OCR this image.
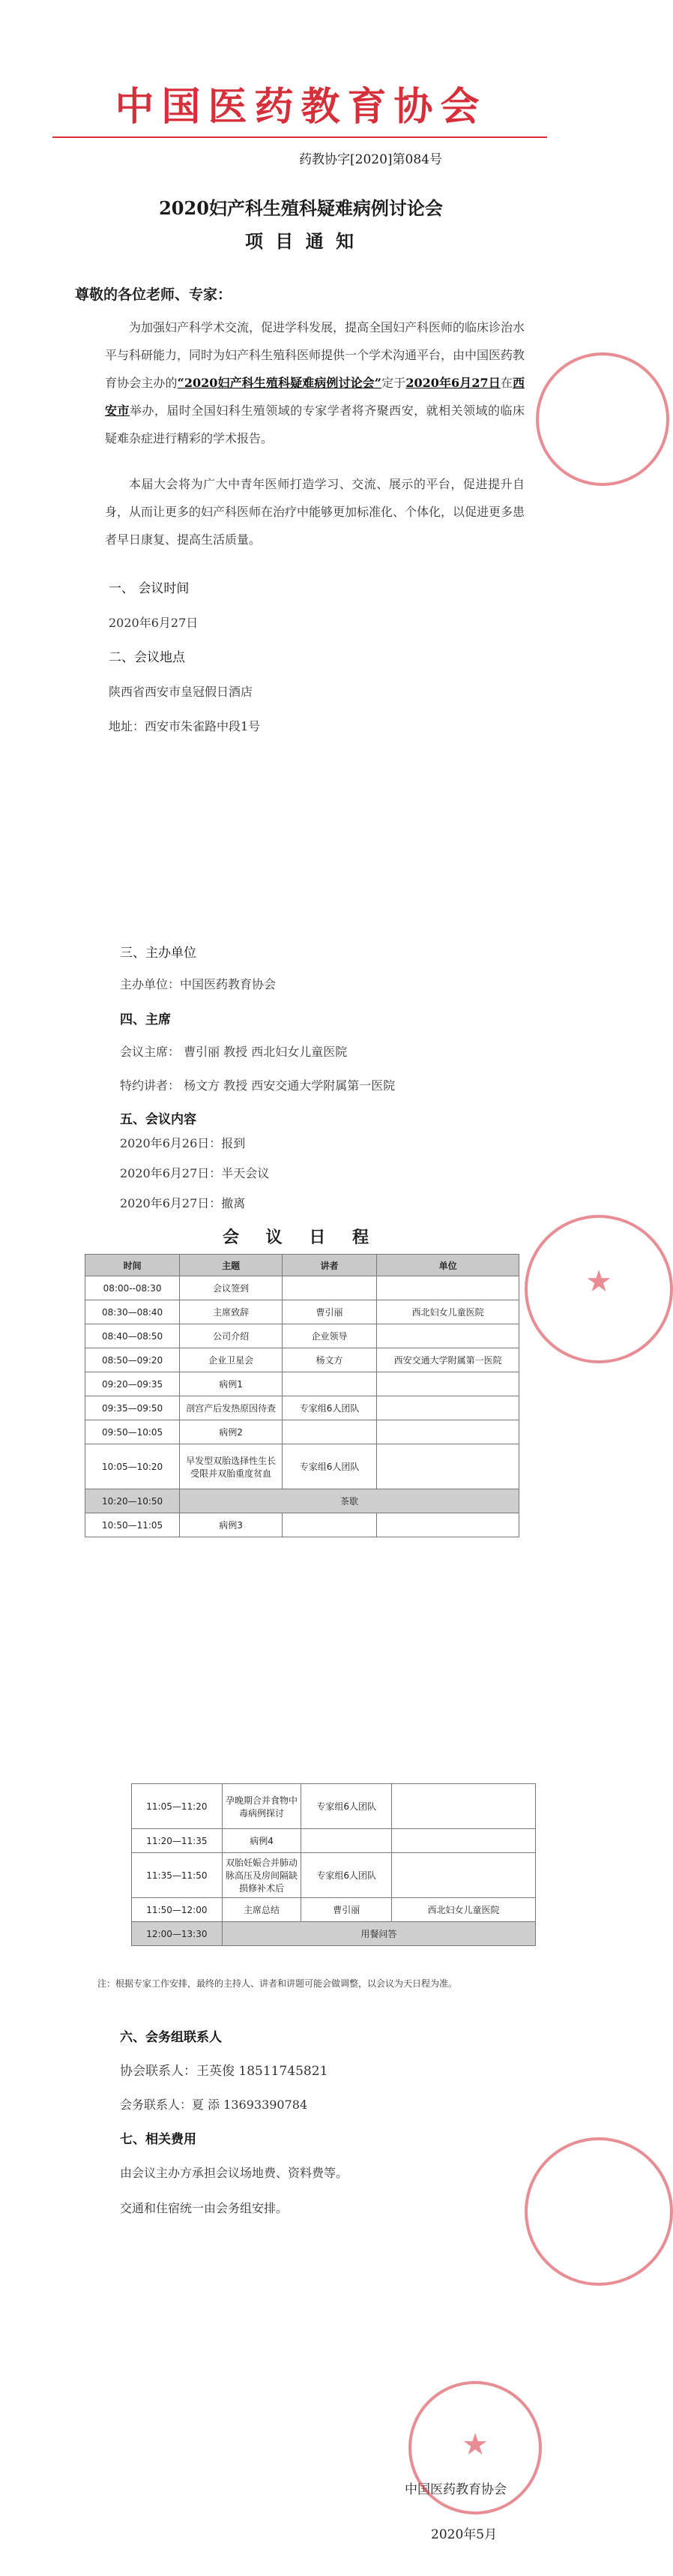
中国医药教育协会
药教协字[2020]第084号
2020妇产科生殖科疑难病例讨论会
项 目 通 知
尊敬的各位老师、专家：
为加强妇产科学术交流，促进学科发展，提高全国妇产科医师的临床诊治水平与科研能力，同时为妇产科生殖科医师提供一个学术沟通平台，由中国医药教育协会主办的“2020妇产科生殖科疑难病例讨论会”定于2020年6月27日在西安市举办，届时全国妇科生殖领域的专家学者将齐聚西安，就相关领域的临床疑难杂症进行精彩的学术报告。
本届大会将为广大中青年医师打造学习、交流、展示的平台，促进提升自身，从而让更多的妇产科医师在治疗中能够更加标准化、个体化，以促进更多患者早日康复、提高生活质量。
一、 会议时间
2020年6月27日
二、会议地点
陕西省西安市皇冠假日酒店
地址：西安市朱雀路中段1号
三、主办单位
主办单位：中国医药教育协会
四、主席
会议主席： 曹引丽 教授 西北妇女儿童医院
特约讲者： 杨文方 教授 西安交通大学附属第一医院
五、会议内容
2020年6月26日：报到
2020年6月27日：半天会议
2020年6月27日：撤离
会 议 日 程
时间	主题	讲者	单位
08:00--08:30	会议签到		
08:30—08:40	主席致辞	曹引丽	西北妇女儿童医院
08:40—08:50	公司介绍	企业领导	
08:50—09:20	企业卫星会	杨文方	西安交通大学附属第一医院
09:20—09:35	病例1		
09:35—09:50	剖宫产后发热原因待查	专家组6人团队	
09:50—10:05	病例2		
10:05—10:20	早发型双胎选择性生长受限并双胎重度贫血	专家组6人团队	
10:20—10:50	茶歇		
10:50—11:05	病例3		
11:05—11:20	孕晚期合并食物中毒病例探讨	专家组6人团队	
11:20—11:35	病例4		
11:35—11:50	双胎妊娠合并肺动脉高压及房间隔缺损修补术后	专家组6人团队	
11:50—12:00	主席总结	曹引丽	西北妇女儿童医院
12:00—13:30	用餐问答		
注：根据专家工作安排，最终的主持人、讲者和讲题可能会做调整，以会议为天日程为准。
六、会务组联系人
协会联系人：王英俊 18511745821
会务联系人：夏 添 13693390784
七、相关费用
由会议主办方承担会议场地费、资料费等。
交通和住宿统一由会务组安排。
中国医药教育协会
2020年5月
★
★
